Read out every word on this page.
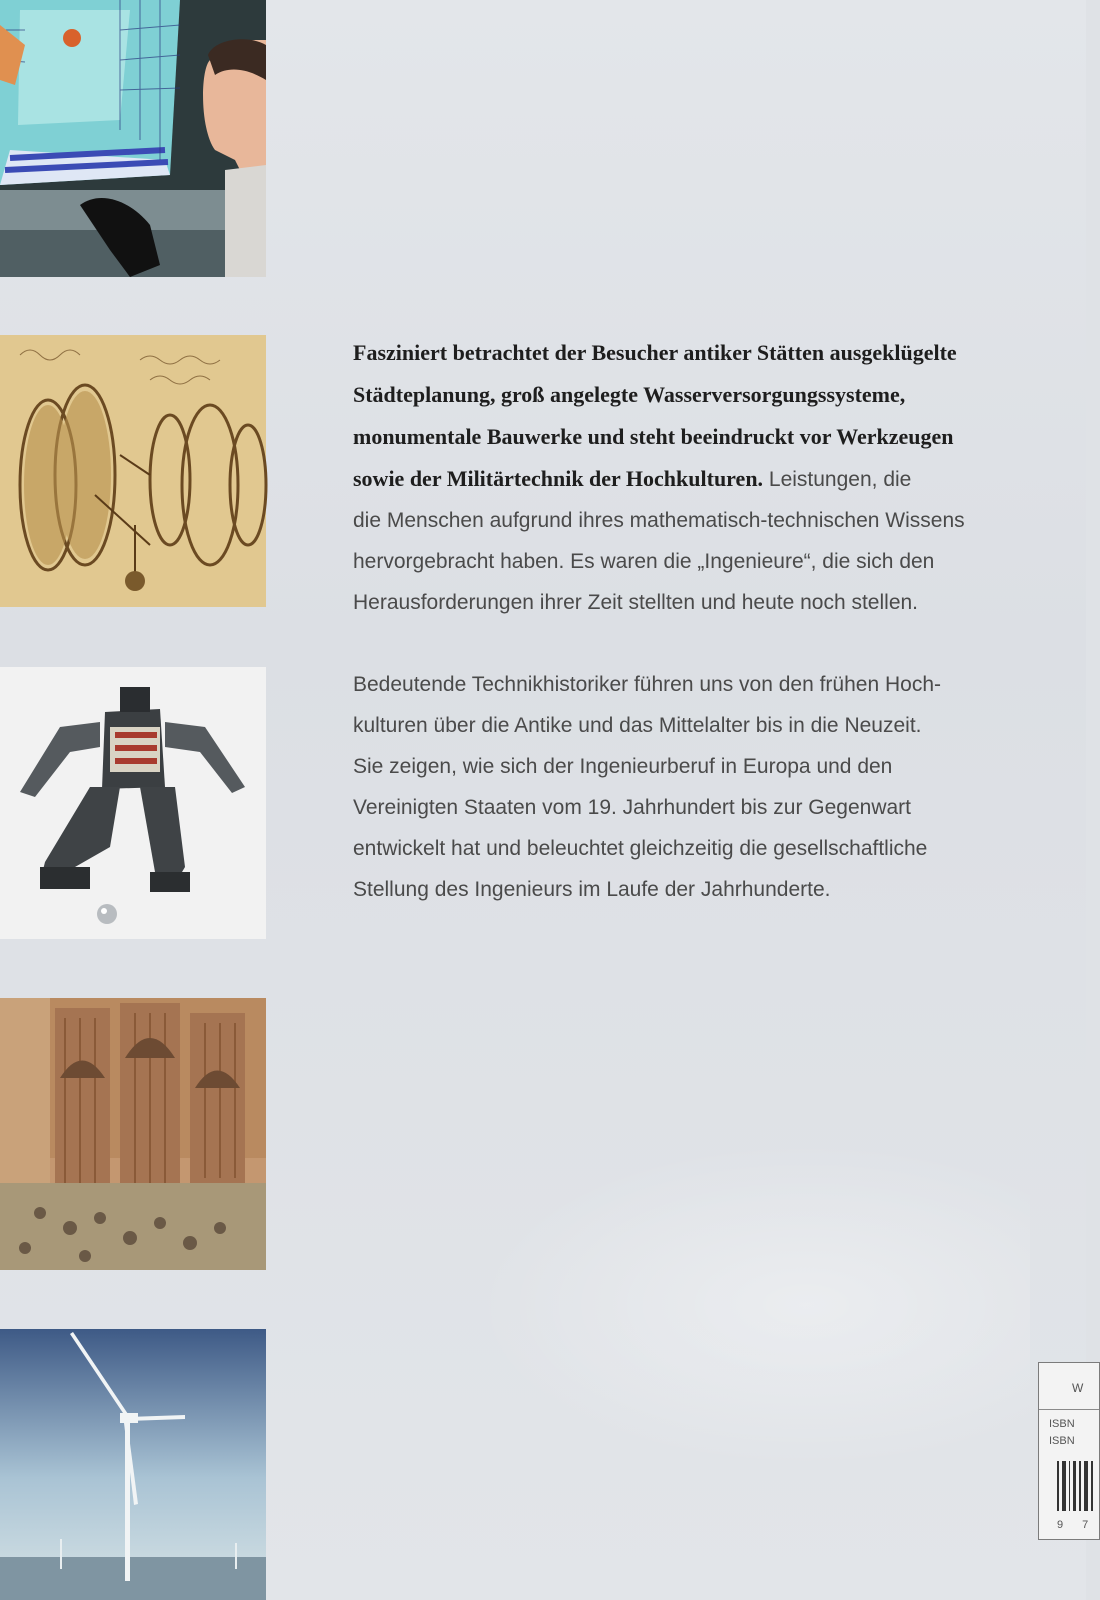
Fasziniert betrachtet der Besucher antiker Stätten ausgeklügelte
Städteplanung, groß angelegte Wasserversorgungssysteme,
monumentale Bauwerke und steht beeindruckt vor Werkzeugen
sowie der Militärtechnik der Hochkulturen. Leistungen, die
die Menschen aufgrund ihres mathematisch-technischen Wissens
hervorgebracht haben. Es waren die „Ingenieure“, die sich den
Herausforderungen ihrer Zeit stellten und heute noch stellen.

Bedeutende Technikhistoriker führen uns von den frühen Hoch-
kulturen über die Antike und das Mittelalter bis in die Neuzeit.
Sie zeigen, wie sich der Ingenieurberuf in Europa und den
Vereinigten Staaten vom 19. Jahrhundert bis zur Gegenwart
entwickelt hat und beleuchtet gleichzeitig die gesellschaftliche
Stellung des Ingenieurs im Laufe der Jahrhunderte.

W
ISBN
ISBN
9 7
